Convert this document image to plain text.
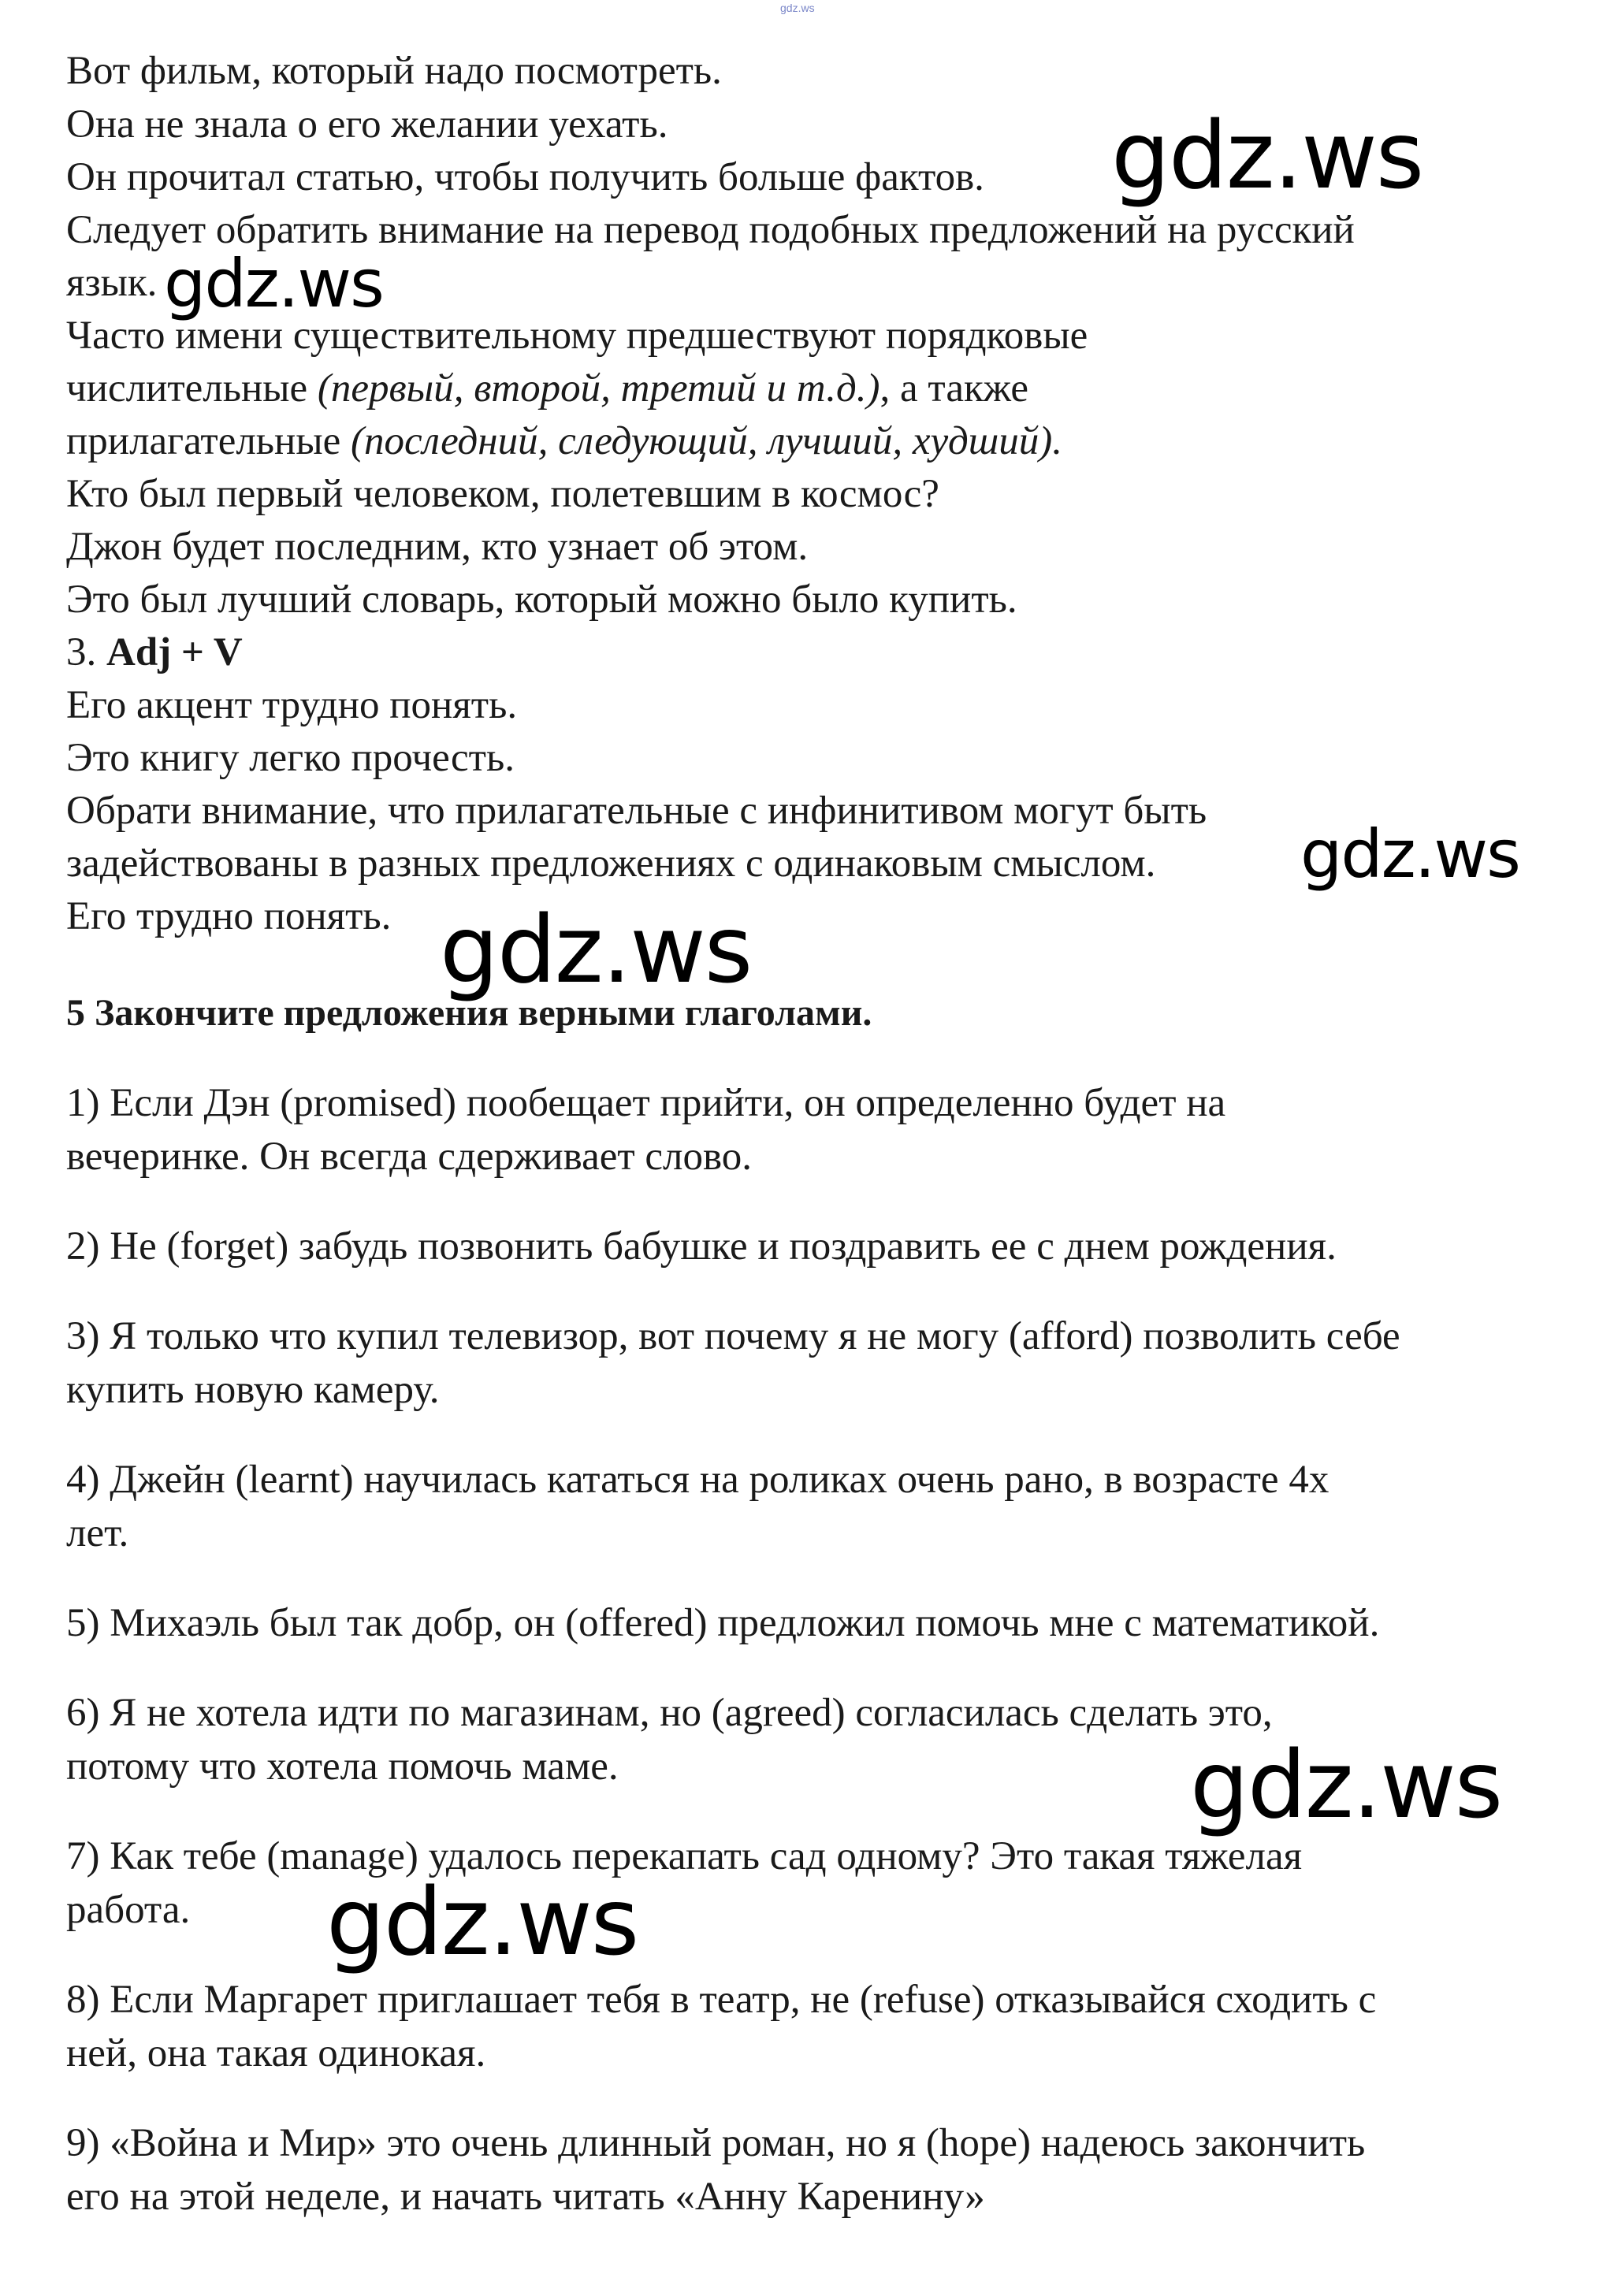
gdz.ws
Вот фильм, который надо посмотреть.
Она не знала о его желании уехать.
Он прочитал статью, чтобы получить больше фактов.
Следует обратить внимание на перевод подобных предложений на русский
язык.
Часто имени существительному предшествуют порядковые
числительные (первый, второй, третий и т.д.), а также
прилагательные (последний, следующий, лучший, худший).
Кто был первый человеком, полетевшим в космос?
Джон будет последним, кто узнает об этом.
Это был лучший словарь, который можно было купить.
3. Adj + V
Его акцент трудно понять.
Это книгу легко прочесть.
Обрати внимание, что прилагательные с инфинитивом могут быть
задействованы в разных предложениях с одинаковым смыслом.
Его трудно понять.
5 Закончите предложения верными глаголами.
1) Если Дэн (promised) пообещает прийти, он определенно будет на
вечеринке. Он всегда сдерживает слово.
2) Не (forget) забудь позвонить бабушке и поздравить ее с днем рождения.
3) Я только что купил телевизор, вот почему я не могу (afford) позволить себе
купить новую камеру.
4) Джейн (learnt) научилась кататься на роликах очень рано, в возрасте 4х
лет.
5) Михаэль был так добр, он (offered) предложил помочь мне с математикой.
6) Я не хотела идти по магазинам, но (agreed) согласилась сделать это,
потому что хотела помочь маме.
7) Как тебе (manage) удалось перекапать сад одному? Это такая тяжелая
работа.
8) Если Маргарет приглашает тебя в театр, не (refuse) отказывайся сходить с
ней, она такая одинокая.
9) «Война и Мир» это очень длинный роман, но я (hope) надеюсь закончить
его на этой неделе, и начать читать «Анну Каренину»
gdz.ws
gdz.ws
gdz.ws
gdz.ws
gdz.ws
gdz.ws
